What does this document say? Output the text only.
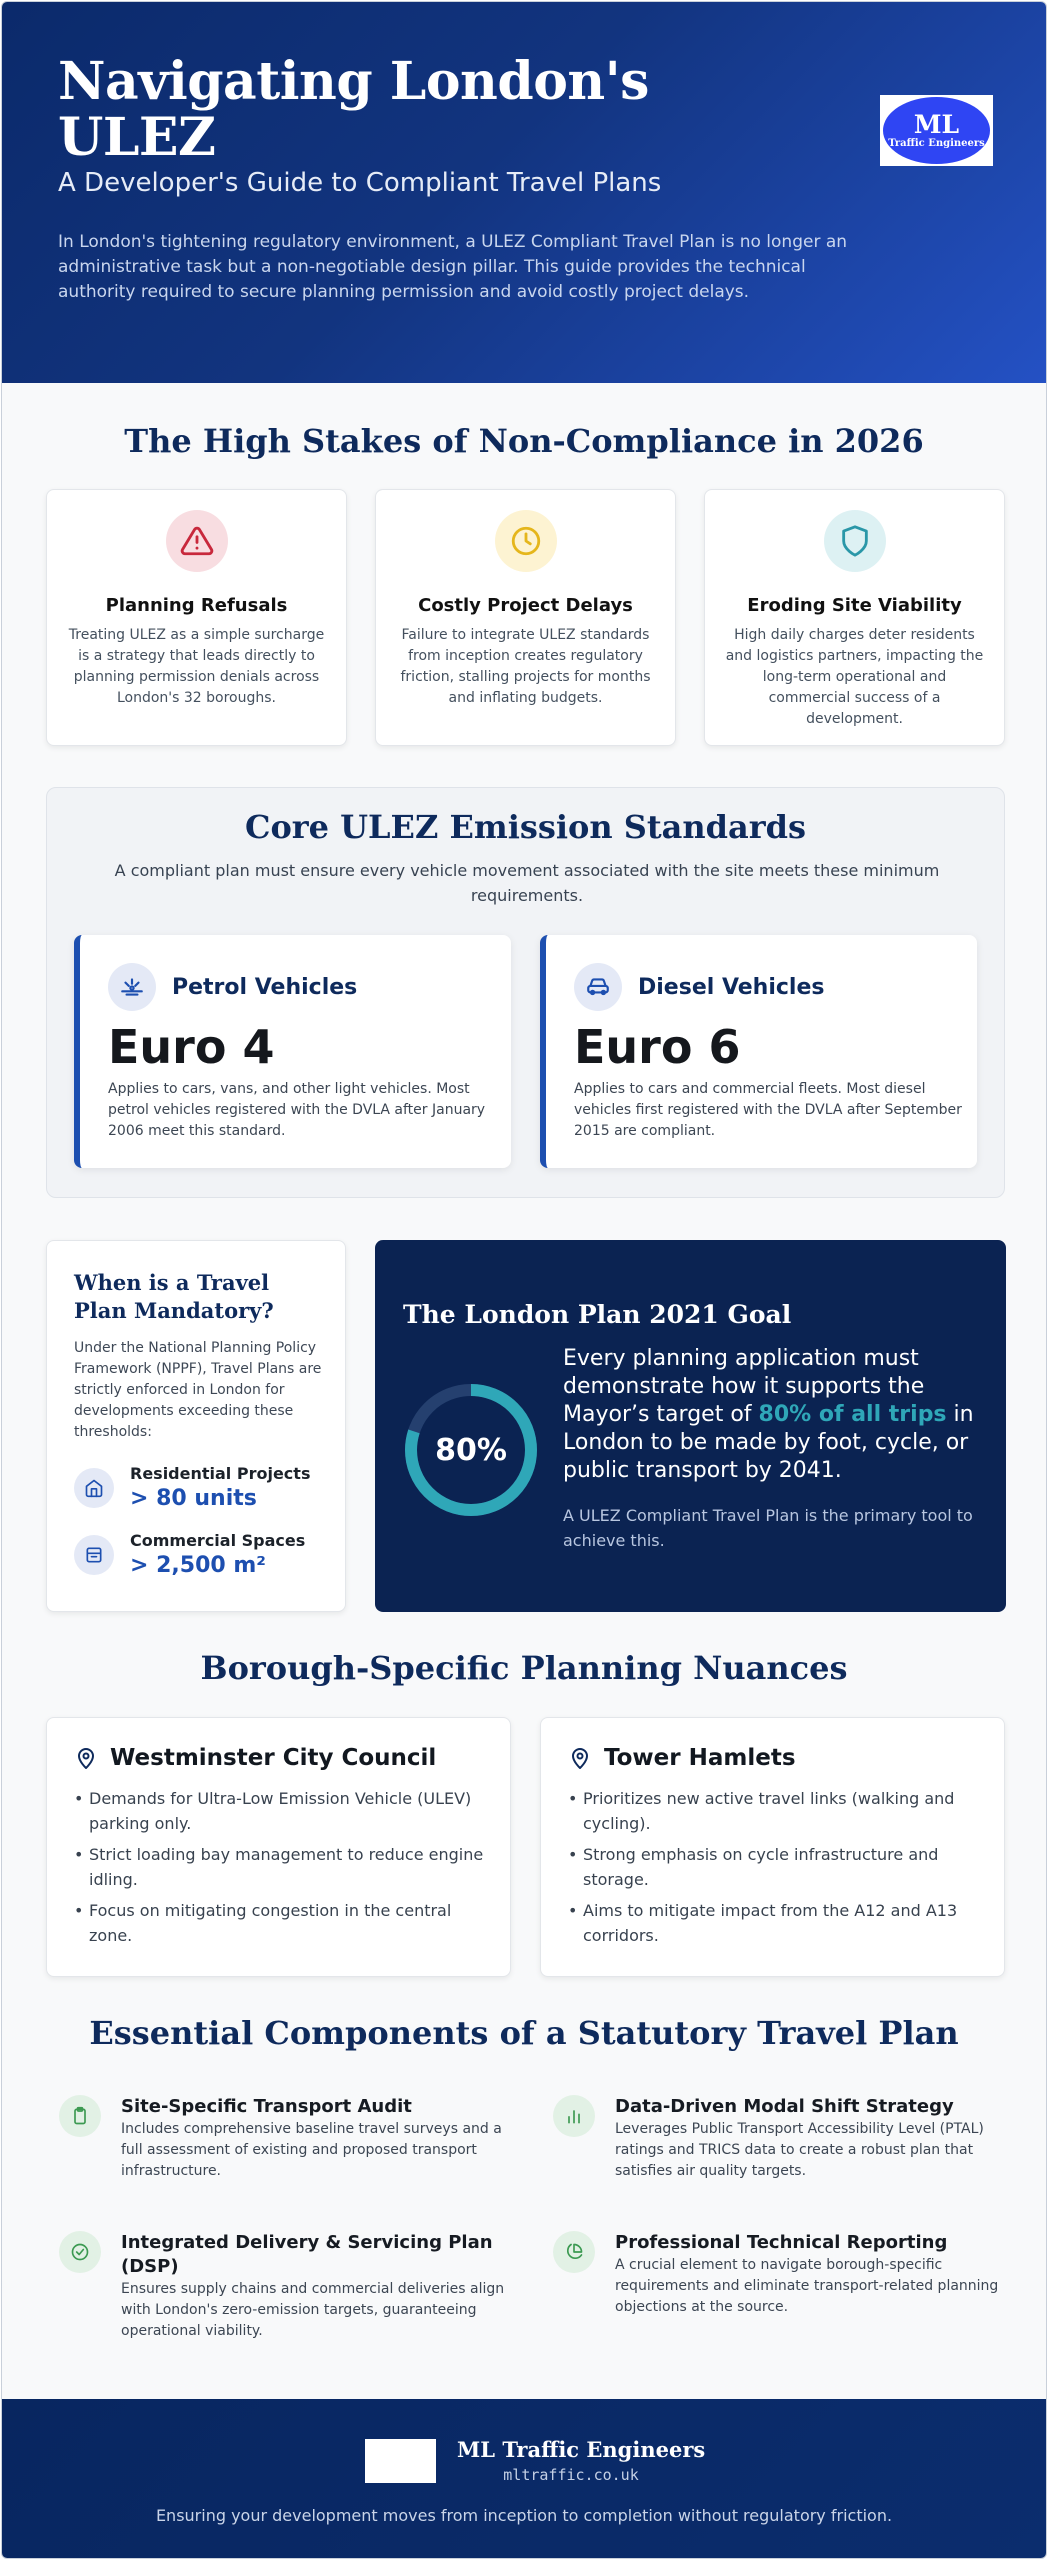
Navigating London's ULEZ
A Developer's Guide to Compliant Travel Plans

In London's tightening regulatory environment, a ULEZ Compliant Travel Plan is no longer an administrative task but a non-negotiable design pillar. This guide provides the technical authority required to secure planning permission and avoid costly project delays.

ML
Traffic Engineers
The High Stakes of Non-Compliance in 2026
Planning Refusals

Treating ULEZ as a simple surcharge is a strategy that leads directly to planning permission denials across London's 32 boroughs.

Costly Project Delays

Failure to integrate ULEZ standards from inception creates regulatory friction, stalling projects for months and inflating budgets.

Eroding Site Viability

High daily charges deter residents and logistics partners, impacting the long-term operational and commercial success of a development.

Core ULEZ Emission Standards

A compliant plan must ensure every vehicle movement associated with the site meets these minimum requirements.

Petrol Vehicles
Euro 4

Applies to cars, vans, and other light vehicles. Most petrol vehicles registered with the DVLA after January 2006 meet this standard.

Diesel Vehicles
Euro 6

Applies to cars and commercial fleets. Most diesel vehicles first registered with the DVLA after September 2015 are compliant.

When is a Travel Plan Mandatory?

Under the National Planning Policy Framework (NPPF), Travel Plans are strictly enforced in London for developments exceeding these thresholds:

Residential Projects
> 80 units
Commercial Spaces
> 2,500 m²
The London Plan 2021 Goal
80%

Every planning application must demonstrate how it supports the Mayor’s target of 80% of all trips in London to be made by foot, cycle, or public transport by 2041.

A ULEZ Compliant Travel Plan is the primary tool to achieve this.

Borough-Specific Planning Nuances
Westminster City Council
• Demands for Ultra-Low Emission Vehicle (ULEV) parking only.
• Strict loading bay management to reduce engine idling.
• Focus on mitigating congestion in the central zone.
Tower Hamlets
• Prioritizes new active travel links (walking and cycling).
• Strong emphasis on cycle infrastructure and storage.
• Aims to mitigate impact from the A12 and A13 corridors.
Essential Components of a Statutory Travel Plan
Site-Specific Transport Audit

Includes comprehensive baseline travel surveys and a full assessment of existing and proposed transport infrastructure.

Data-Driven Modal Shift Strategy

Leverages Public Transport Accessibility Level (PTAL) ratings and TRICS data to create a robust plan that satisfies air quality targets.

Integrated Delivery & Servicing Plan (DSP)

Ensures supply chains and commercial deliveries align with London's zero-emission targets, guaranteeing operational viability.

Professional Technical Reporting

A crucial element to navigate borough-specific requirements and eliminate transport-related planning objections at the source.

ML Traffic Engineers
mltraffic.co.uk
Ensuring your development moves from inception to completion without regulatory friction.
